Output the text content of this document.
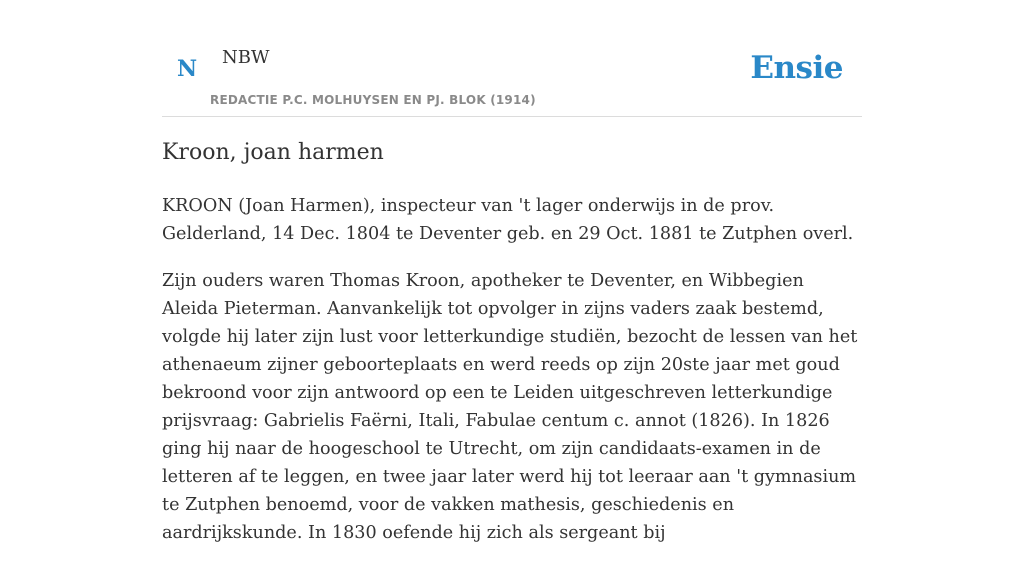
N NBW
REDACTIE P.C. MOLHUYSEN EN PJ. BLOK (1914)
Ensie
Kroon, joan harmen

KROON (Joan Harmen), inspecteur van 't lager onderwijs in de prov. Gelderland, 14 Dec. 1804 te Deventer geb. en 29 Oct. 1881 te Zutphen overl.

Zijn ouders waren Thomas Kroon, apotheker te Deventer, en Wibbegien Aleida Pieterman. Aanvankelijk tot opvolger in zijns vaders zaak bestemd, volgde hij later zijn lust voor letterkundige studiën, bezocht de lessen van het athenaeum zijner geboorteplaats en werd reeds op zijn 20ste jaar met goud bekroond voor zijn antwoord op een te Leiden uitgeschreven letterkundige prijsvraag: Gabrielis Faërni, Itali, Fabulae centum c. annot (1826). In 1826 ging hij naar de hoogeschool te Utrecht, om zijn candidaats-examen in de letteren af te leggen, en twee jaar later werd hij tot leeraar aan 't gymnasium te Zutphen benoemd, voor de vakken mathesis, geschiedenis en aardrijkskunde. In 1830 oefende hij zich als sergeant bij
